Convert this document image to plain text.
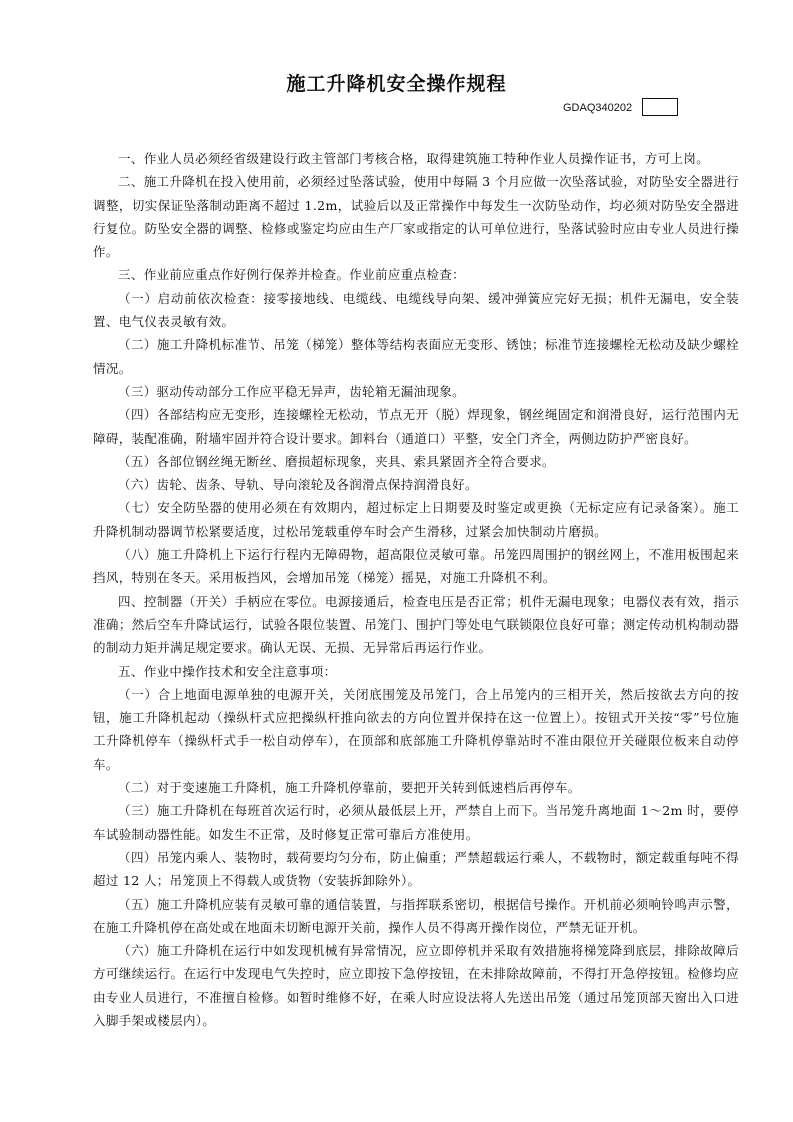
施工升降机安全操作规程
GDAQ340202

一、作业人员必须经省级建设行政主管部门考核合格，取得建筑施工特种作业人员操作证书，方可上岗。

二、施工升降机在投入使用前，必须经过坠落试验，使用中每隔 3 个月应做一次坠落试验，对防坠安全器进行调整，切实保证坠落制动距离不超过 1.2m，试验后以及正常操作中每发生一次防坠动作，均必须对防坠安全器进行复位。防坠安全器的调整、检修或鉴定均应由生产厂家或指定的认可单位进行，坠落试验时应由专业人员进行操作。

三、作业前应重点作好例行保养并检查。作业前应重点检查：

（一）启动前依次检查：接零接地线、电缆线、电缆线导向架、缓冲弹簧应完好无损；机件无漏电，安全装置、电气仪表灵敏有效。

（二）施工升降机标准节、吊笼（梯笼）整体等结构表面应无变形、锈蚀；标准节连接螺栓无松动及缺少螺栓情况。

（三）驱动传动部分工作应平稳无异声，齿轮箱无漏油现象。

（四）各部结构应无变形，连接螺栓无松动，节点无开（脱）焊现象，钢丝绳固定和润滑良好，运行范围内无障碍，装配准确，附墙牢固并符合设计要求。卸料台（通道口）平整，安全门齐全，两侧边防护严密良好。

（五）各部位钢丝绳无断丝、磨损超标现象，夹具、索具紧固齐全符合要求。

（六）齿轮、齿条、导轨、导向滚轮及各润滑点保持润滑良好。

（七）安全防坠器的使用必须在有效期内，超过标定上日期要及时鉴定或更换（无标定应有记录备案）。施工升降机制动器调节松紧要适度，过松吊笼载重停车时会产生滑移，过紧会加快制动片磨损。

（八）施工升降机上下运行行程内无障碍物，超高限位灵敏可靠。吊笼四周围护的钢丝网上，不准用板围起来挡风，特别在冬天。采用板挡风，会增加吊笼（梯笼）摇晃，对施工升降机不利。

四、控制器（开关）手柄应在零位。电源接通后，检查电压是否正常；机件无漏电现象；电器仪表有效，指示准确；然后空车升降试运行，试验各限位装置、吊笼门、围护门等处电气联锁限位良好可靠；测定传动机构制动器的制动力矩并满足规定要求。确认无误、无损、无异常后再运行作业。

五、作业中操作技术和安全注意事项：

（一）合上地面电源单独的电源开关，关闭底围笼及吊笼门，合上吊笼内的三相开关，然后按欲去方向的按钮，施工升降机起动（操纵杆式应把操纵杆推向欲去的方向位置并保持在这一位置上）。按钮式开关按“零”号位施工升降机停车（操纵杆式手一松自动停车），在顶部和底部施工升降机停靠站时不准由限位开关碰限位板来自动停车。

（二）对于变速施工升降机，施工升降机停靠前，要把开关转到低速档后再停车。

（三）施工升降机在每班首次运行时，必须从最低层上开，严禁自上而下。当吊笼升离地面 1～2m 时，要停车试验制动器性能。如发生不正常，及时修复正常可靠后方准使用。

（四）吊笼内乘人、装物时，载荷要均匀分布，防止偏重；严禁超载运行乘人，不载物时，额定载重每吨不得超过 12 人；吊笼顶上不得载人或货物（安装拆卸除外）。

（五）施工升降机应装有灵敏可靠的通信装置，与指挥联系密切，根据信号操作。开机前必须响铃鸣声示警，在施工升降机停在高处或在地面未切断电源开关前，操作人员不得离开操作岗位，严禁无证开机。

（六）施工升降机在运行中如发现机械有异常情况，应立即停机并采取有效措施将梯笼降到底层，排除故障后方可继续运行。在运行中发现电气失控时，应立即按下急停按钮，在未排除故障前，不得打开急停按钮。检修均应由专业人员进行，不准擅自检修。如暂时维修不好，在乘人时应设法将人先送出吊笼（通过吊笼顶部天窗出入口进入脚手架或楼层内）。
